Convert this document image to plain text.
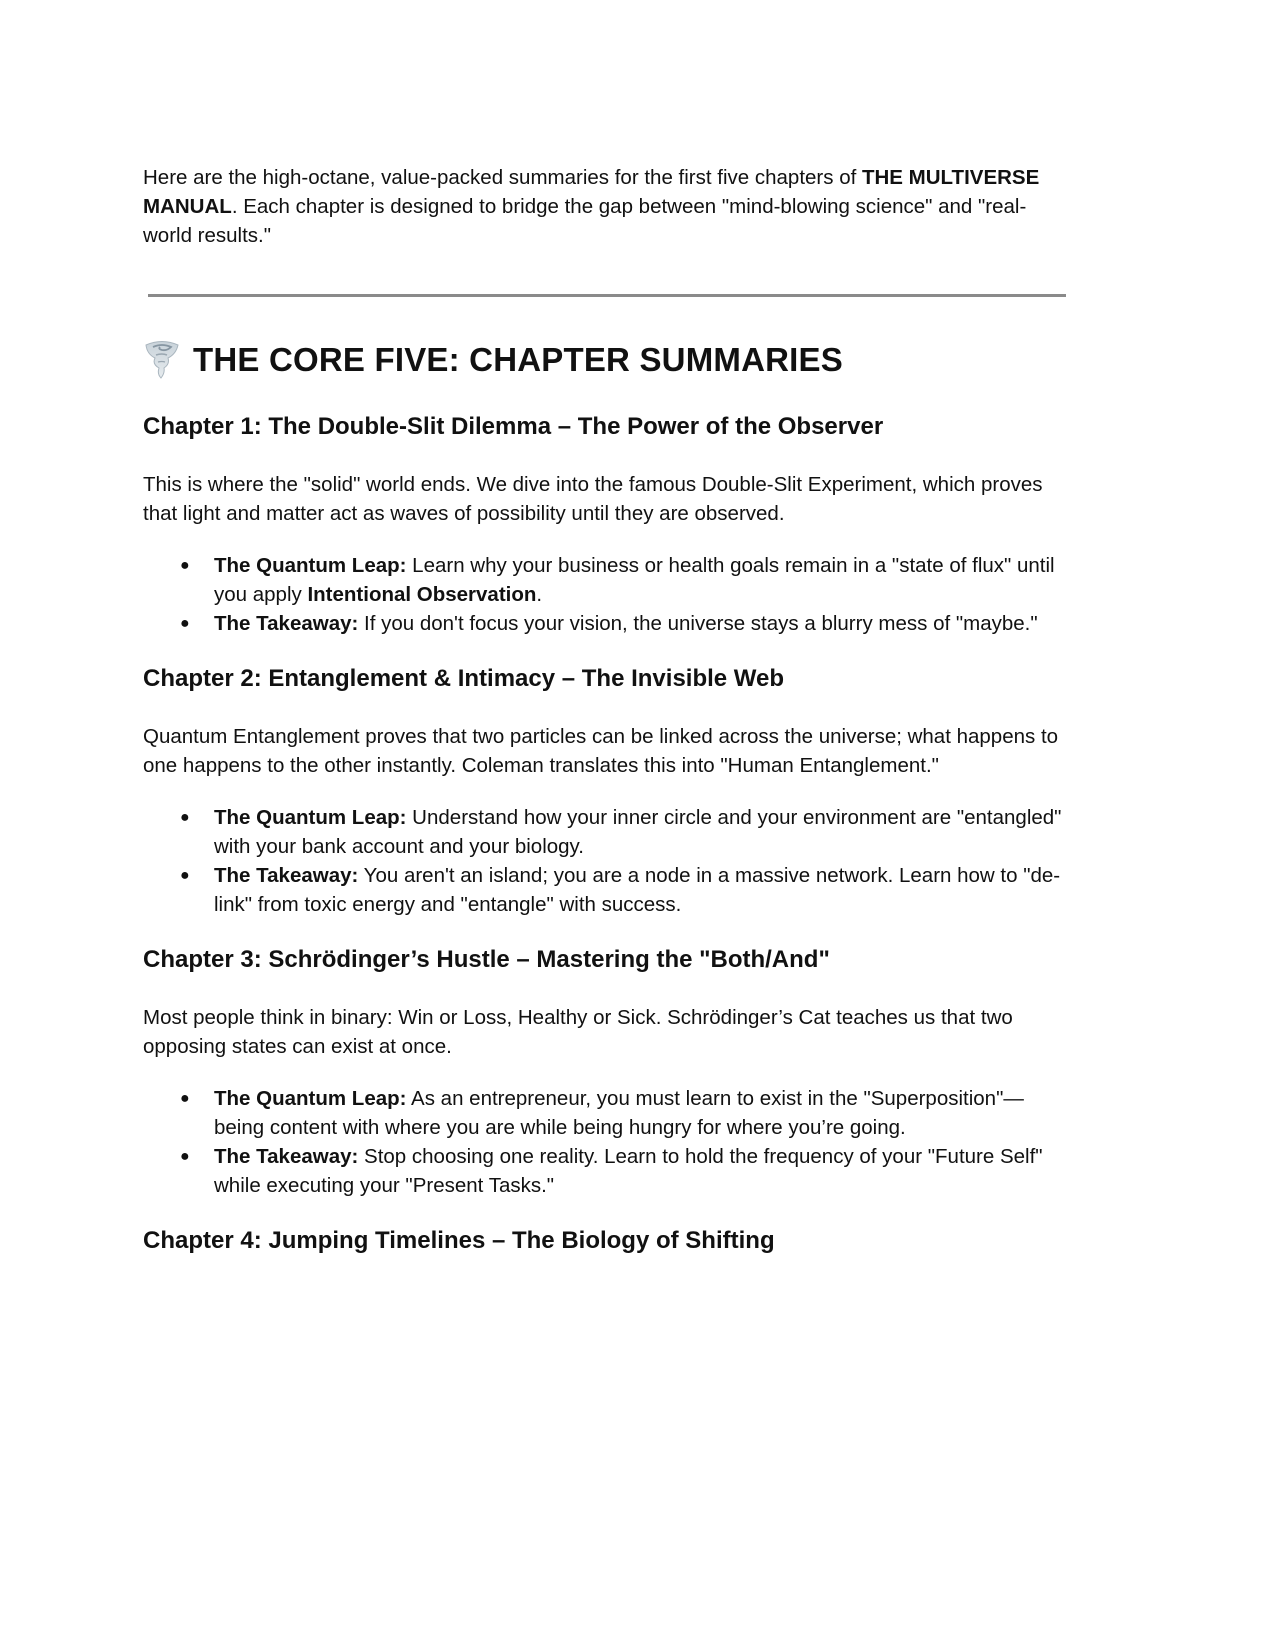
Here are the high-octane, value-packed summaries for the first five chapters of THE MULTIVERSE MANUAL. Each chapter is designed to bridge the gap between "mind-blowing science" and "real-world results."

THE CORE FIVE: CHAPTER SUMMARIES
Chapter 1: The Double-Slit Dilemma – The Power of the Observer

This is where the "solid" world ends. We dive into the famous Double-Slit Experiment, which proves that light and matter act as waves of possibility until they are observed.

● The Quantum Leap: Learn why your business or health goals remain in a "state of flux" until you apply Intentional Observation.
● The Takeaway: If you don't focus your vision, the universe stays a blurry mess of "maybe."
Chapter 2: Entanglement & Intimacy – The Invisible Web

Quantum Entanglement proves that two particles can be linked across the universe; what happens to one happens to the other instantly. Coleman translates this into "Human Entanglement."

● The Quantum Leap: Understand how your inner circle and your environment are "entangled" with your bank account and your biology.
● The Takeaway: You aren't an island; you are a node in a massive network. Learn how to "de-link" from toxic energy and "entangle" with success.
Chapter 3: Schrödinger’s Hustle – Mastering the "Both/And"

Most people think in binary: Win or Loss, Healthy or Sick. Schrödinger’s Cat teaches us that two opposing states can exist at once.

● The Quantum Leap: As an entrepreneur, you must learn to exist in the "Superposition"—being content with where you are while being hungry for where you’re going.
● The Takeaway: Stop choosing one reality. Learn to hold the frequency of your "Future Self" while executing your "Present Tasks."
Chapter 4: Jumping Timelines – The Biology of Shifting
